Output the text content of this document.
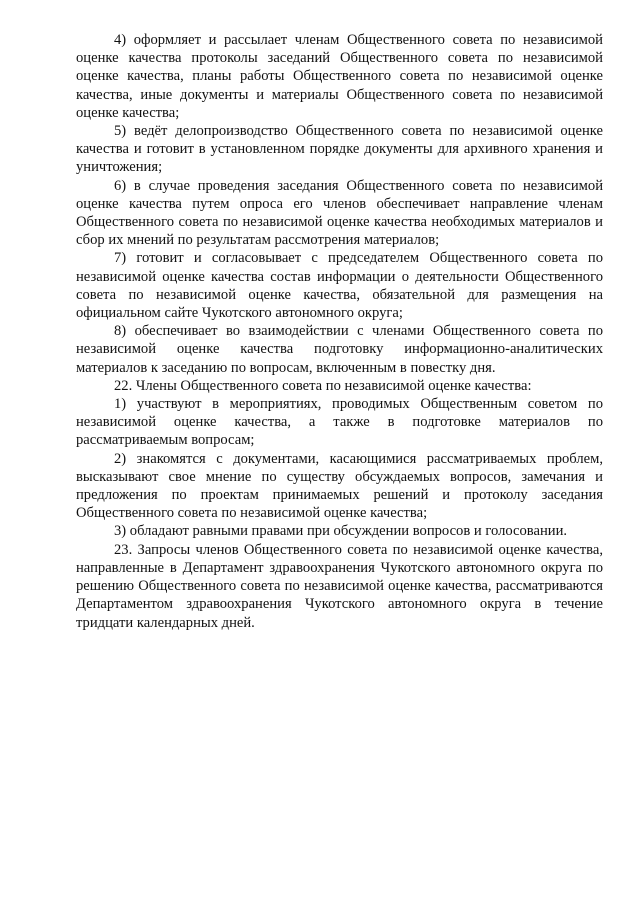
4) оформляет и рассылает членам Общественного совета по независимой оценке качества протоколы заседаний Общественного совета по независимой оценке качества, планы работы Общественного совета по независимой оценке качества, иные документы и материалы Общественного совета по независимой оценке качества;

5) ведёт делопроизводство Общественного совета по независимой оценке качества и готовит в установленном порядке документы для архивного хранения и уничтожения;

6) в случае проведения заседания Общественного совета по независимой оценке качества путем опроса его членов обеспечивает направление членам Общественного совета по независимой оценке качества необходимых материалов и сбор их мнений по результатам рассмотрения материалов;

7) готовит и согласовывает с председателем Общественного совета по независимой оценке качества состав информации о деятельности Общественного совета по независимой оценке качества, обязательной для размещения на официальном сайте Чукотского автономного округа;

8) обеспечивает во взаимодействии с членами Общественного совета по независимой оценке качества подготовку информационно-аналитических материалов к заседанию по вопросам, включенным в повестку дня.

22. Члены Общественного совета по независимой оценке качества:

1) участвуют в мероприятиях, проводимых Общественным советом по независимой оценке качества, а также в подготовке материалов по рассматриваемым вопросам;

2) знакомятся с документами, касающимися рассматриваемых проблем, высказывают свое мнение по существу обсуждаемых вопросов, замечания и предложения по проектам принимаемых решений и протоколу заседания Общественного совета по независимой оценке качества;

3) обладают равными правами при обсуждении вопросов и голосовании.

23. Запросы членов Общественного совета по независимой оценке качества, направленные в Департамент здравоохранения Чукотского автономного округа по решению Общественного совета по независимой оценке качества, рассматриваются Департаментом здравоохранения Чукотского автономного округа в течение тридцати календарных дней.
